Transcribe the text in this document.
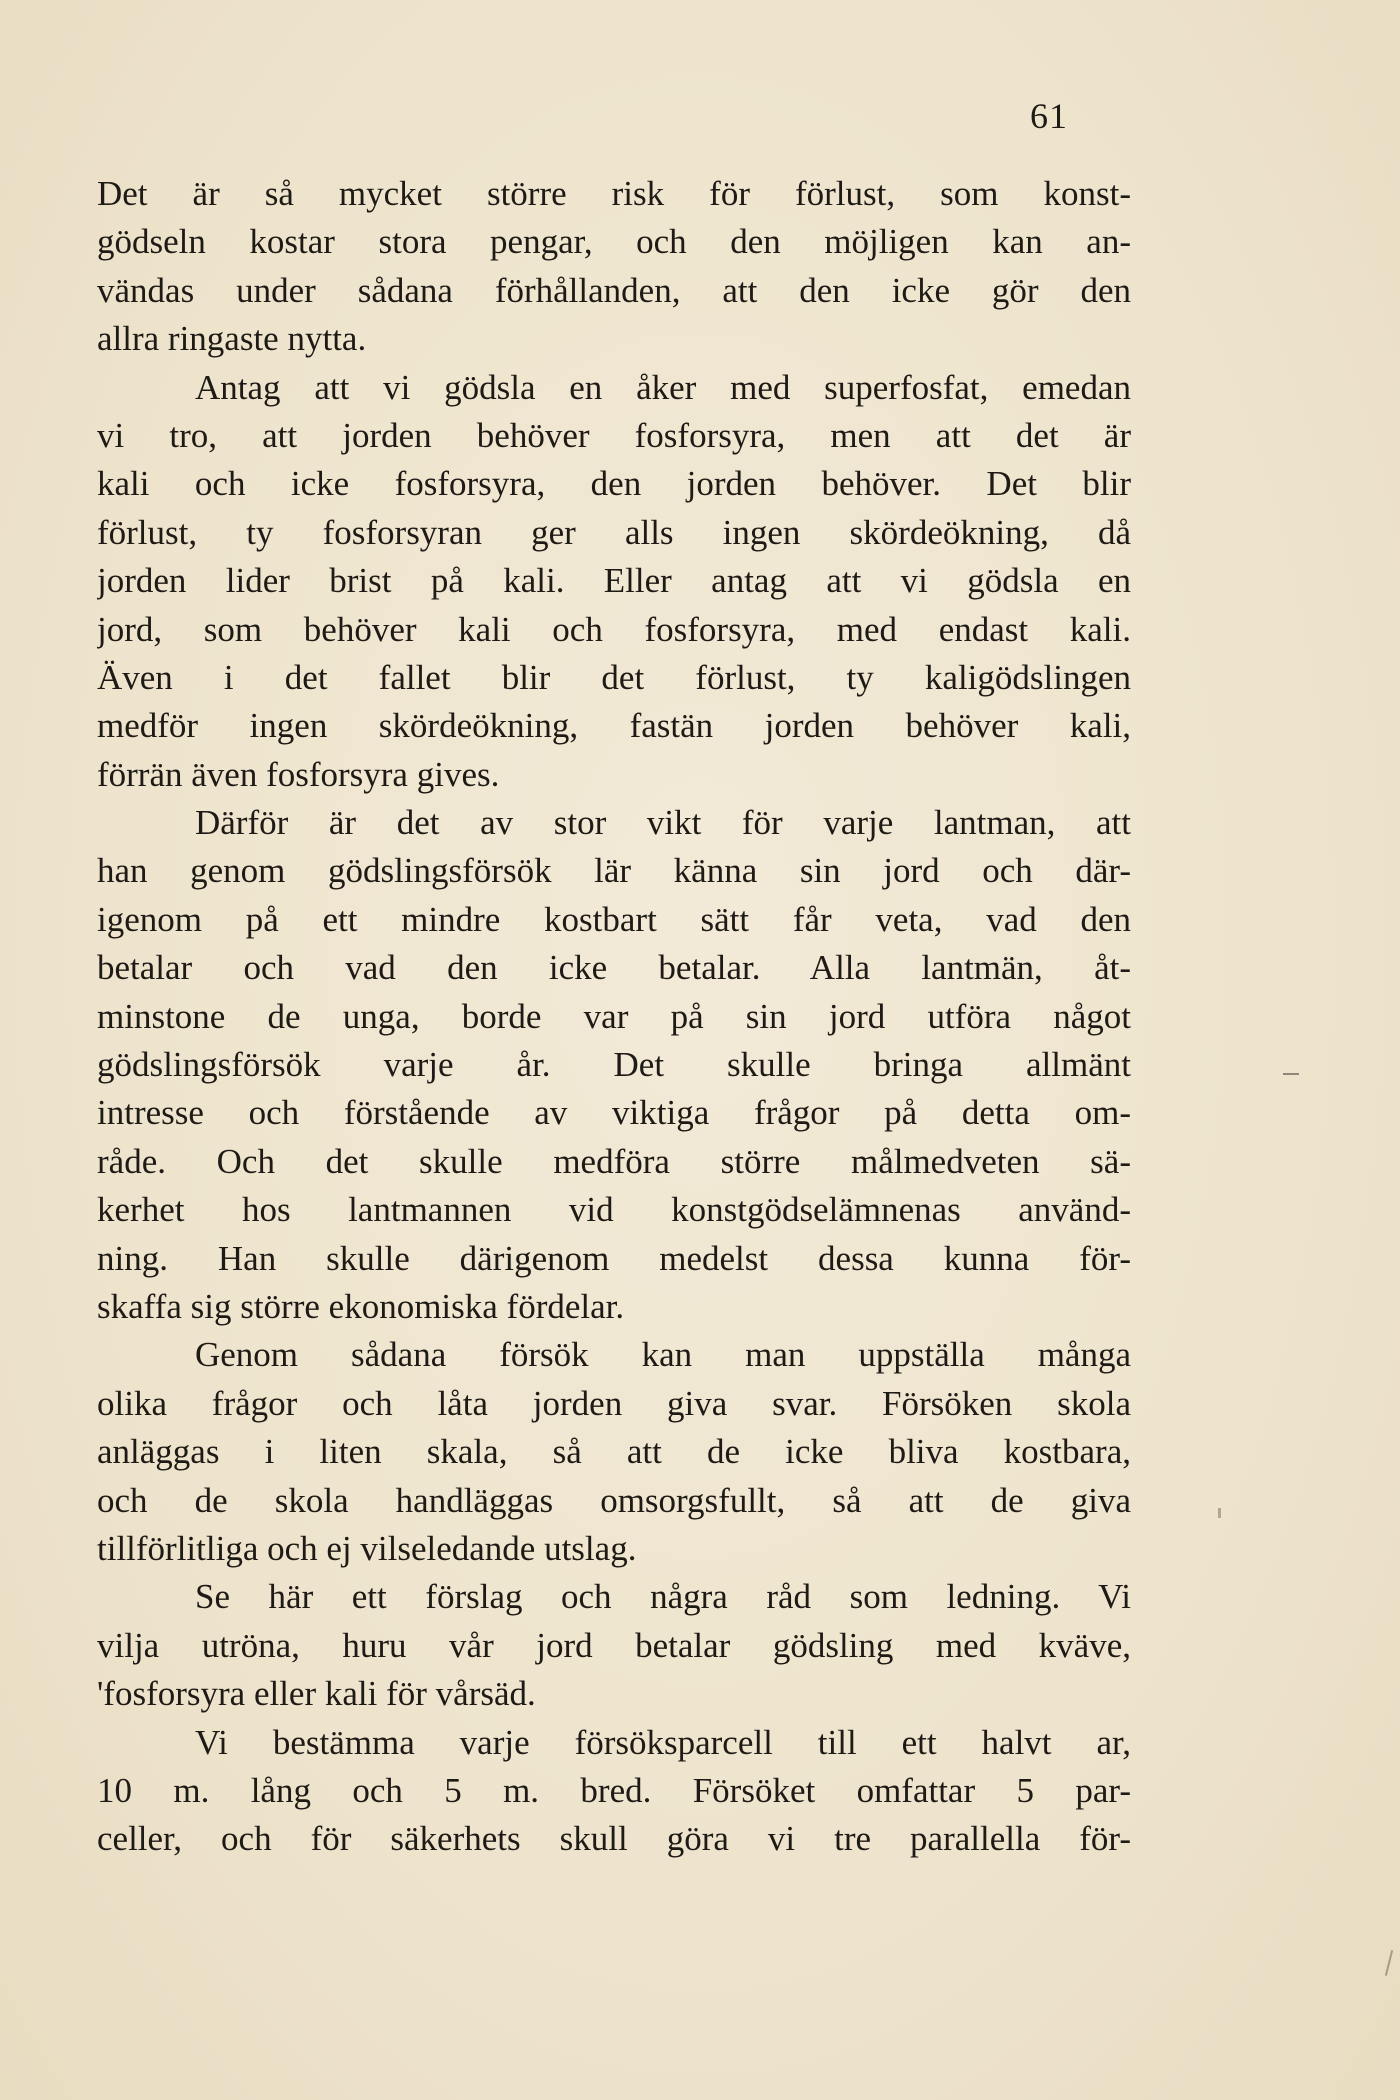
61
Det är så mycket större risk för förlust, som konst-
gödseln kostar stora pengar, och den möjligen kan an-
vändas under sådana förhållanden, att den icke gör den
allra ringaste nytta.
Antag att vi gödsla en åker med superfosfat, emedan
vi tro, att jorden behöver fosforsyra, men att det är
kali och icke fosforsyra, den jorden behöver. Det blir
förlust, ty fosforsyran ger alls ingen skördeökning, då
jorden lider brist på kali. Eller antag att vi gödsla en
jord, som behöver kali och fosforsyra, med endast kali.
Även i det fallet blir det förlust, ty kaligödslingen
medför ingen skördeökning, fastän jorden behöver kali,
förrän även fosforsyra gives.
Därför är det av stor vikt för varje lantman, att
han genom gödslingsförsök lär känna sin jord och där-
igenom på ett mindre kostbart sätt får veta, vad den
betalar och vad den icke betalar. Alla lantmän, åt-
minstone de unga, borde var på sin jord utföra något
gödslingsförsök varje år. Det skulle bringa allmänt
intresse och förstående av viktiga frågor på detta om-
råde. Och det skulle medföra större målmedveten sä-
kerhet hos lantmannen vid konstgödselämnenas använd-
ning. Han skulle därigenom medelst dessa kunna för-
skaffa sig större ekonomiska fördelar.
Genom sådana försök kan man uppställa många
olika frågor och låta jorden giva svar. Försöken skola
anläggas i liten skala, så att de icke bliva kostbara,
och de skola handläggas omsorgsfullt, så att de giva
tillförlitliga och ej vilseledande utslag.
Se här ett förslag och några råd som ledning. Vi
vilja utröna, huru vår jord betalar gödsling med kväve,
'fosforsyra eller kali för vårsäd.
Vi bestämma varje försöksparcell till ett halvt ar,
10 m. lång och 5 m. bred. Försöket omfattar 5 par-
celler, och för säkerhets skull göra vi tre parallella för-
